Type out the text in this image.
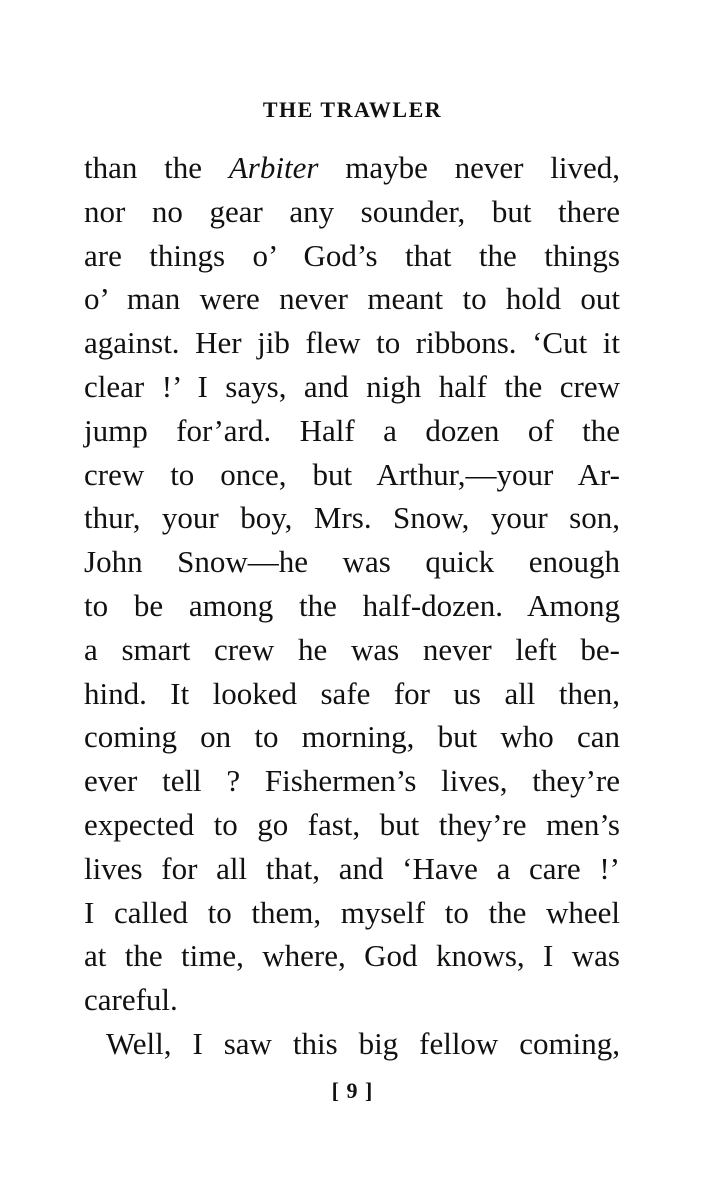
THE TRAWLER
than the Arbiter maybe never lived,
nor no gear any sounder, but there
are things o’ God’s that the things
o’ man were never meant to hold out
against. Her jib flew to ribbons. ‘Cut it
clear !’ I says, and nigh half the crew
jump for’ard. Half a dozen of the
crew to once, but Arthur,—your Ar-
thur, your boy, Mrs. Snow, your son,
John Snow—he was quick enough
to be among the half-dozen. Among
a smart crew he was never left be-
hind. It looked safe for us all then,
coming on to morning, but who can
ever tell ? Fishermen’s lives, they’re
expected to go fast, but they’re men’s
lives for all that, and ‘Have a care !’
I called to them, myself to the wheel
at the time, where, God knows, I was
careful.
Well, I saw this big fellow coming,
[ 9 ]
